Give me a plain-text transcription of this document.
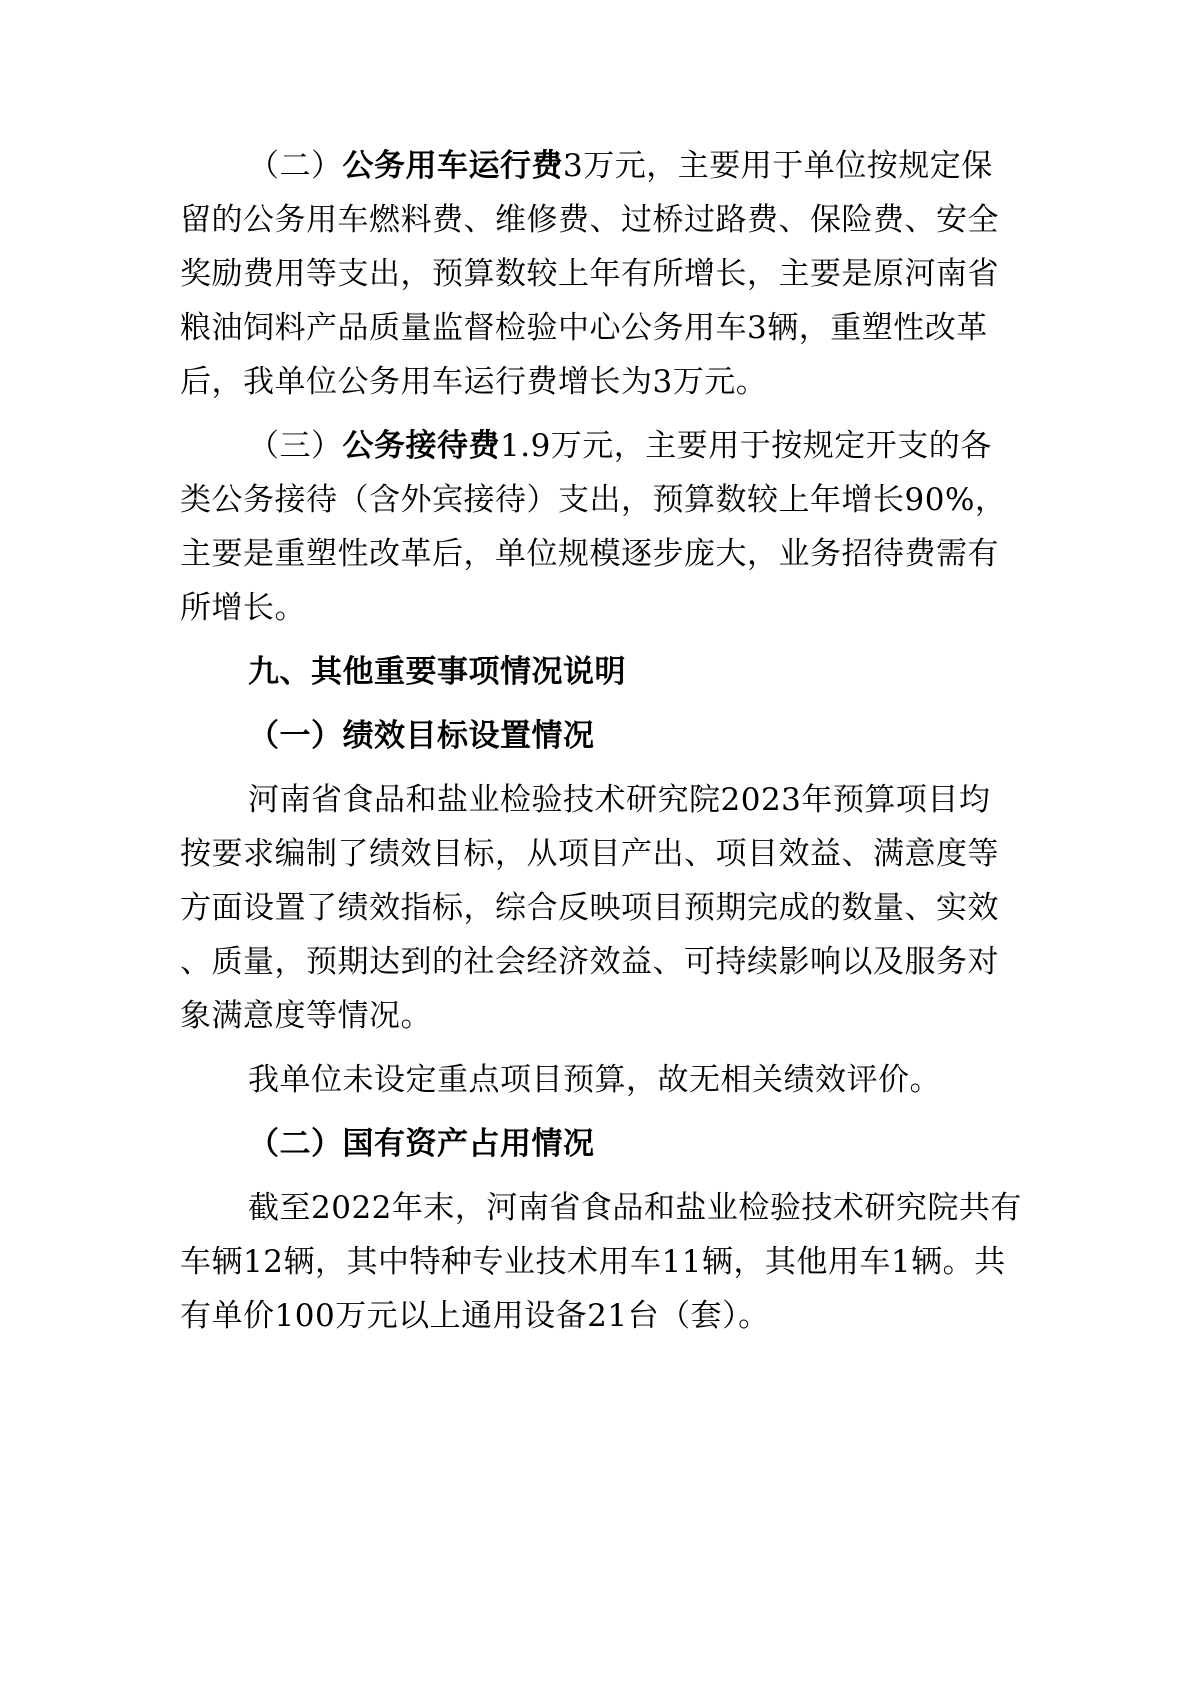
（二）公务用车运行费3万元，主要用于单位按规定保
留的公务用车燃料费、维修费、过桥过路费、保险费、安全
奖励费用等支出，预算数较上年有所增长，主要是原河南省
粮油饲料产品质量监督检验中心公务用车3辆，重塑性改革
后，我单位公务用车运行费增长为3万元。
（三）公务接待费1.9万元，主要用于按规定开支的各
类公务接待（含外宾接待）支出，预算数较上年增长90%，
主要是重塑性改革后，单位规模逐步庞大，业务招待费需有
所增长。
九、其他重要事项情况说明
（一）绩效目标设置情况
河南省食品和盐业检验技术研究院2023年预算项目均
按要求编制了绩效目标，从项目产出、项目效益、满意度等
方面设置了绩效指标，综合反映项目预期完成的数量、实效
、质量，预期达到的社会经济效益、可持续影响以及服务对
象满意度等情况。
我单位未设定重点项目预算，故无相关绩效评价。
（二）国有资产占用情况
截至2022年末，河南省食品和盐业检验技术研究院共有
车辆12辆，其中特种专业技术用车11辆，其他用车1辆。共
有单价100万元以上通用设备21台（套）。
